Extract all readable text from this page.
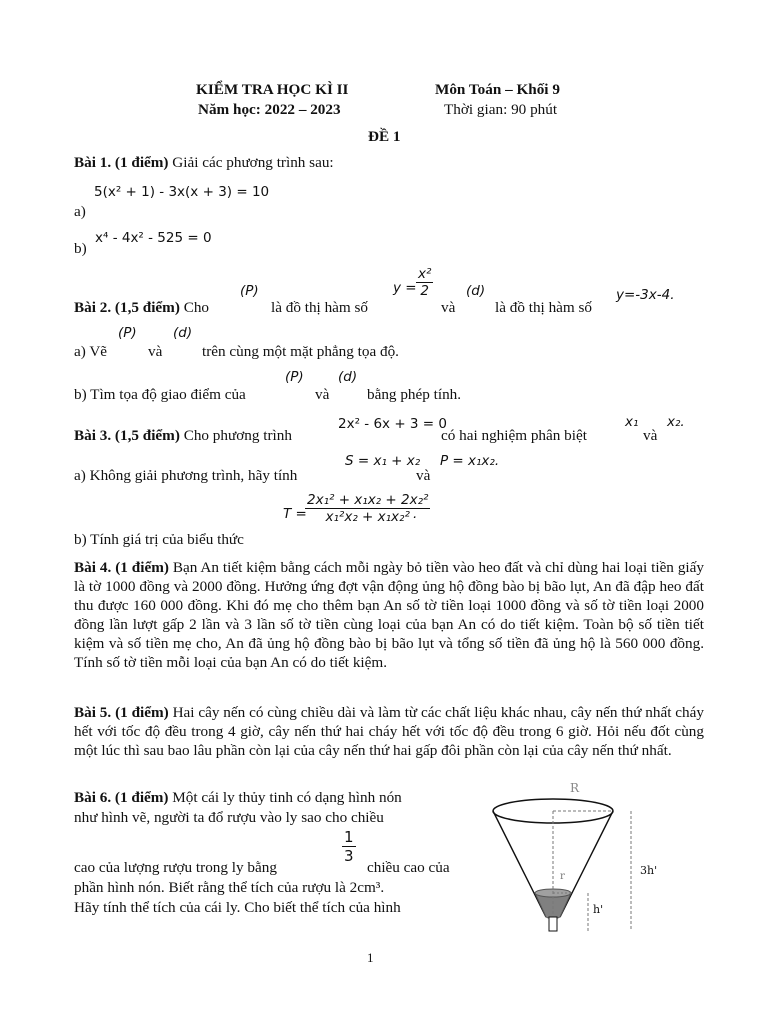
KIỂM TRA HỌC KÌ II	Môn Toán – Khối 9
Năm học: 2022 – 2023	Thời gian: 90 phút
ĐỀ 1
Bài 1. (1 điểm) Giải các phương trình sau:
5(x² + 1) - 3x(x + 3) = 10
a)
x⁴ - 4x² - 525 = 0
b)
Bài 2. (1,5 điểm) Cho
(P)
là đồ thị hàm số
$y = \frac{\text{x²}}{2}$
và
(d)
là đồ thị hàm số
y=-3x-4.
a) Vẽ
(P)
và
(d)
trên cùng một mặt phẳng tọa độ.
b) Tìm tọa độ giao điểm của
(P)
và
(d)
bằng phép tính.
Bài 3. (1,5 điểm) Cho phương trình
2x² - 6x + 3 = 0
có hai nghiệm phân biệt
x₁
và
x₂.
a) Không giải phương trình, hãy tính
S = x₁ + x₂
và
P = x₁x₂.
T =
$\frac{\text{2x₁² + x₁x₂ + 2x₂²}}{\text{x₁²x₂ + x₁x₂²}}$
.
b) Tính giá trị của biểu thức

Bài 4. (1 điểm) Bạn An tiết kiệm bằng cách mỗi ngày bỏ tiền vào heo đất và chỉ dùng hai loại tiền giấy là tờ 1000 đồng và 2000 đồng. Hưởng ứng đợt vận động ủng hộ đồng bào bị bão lụt, An đã đập heo đất thu được 160 000 đồng. Khi đó mẹ cho thêm bạn An số tờ tiền loại 1000 đồng và số tờ tiền loại 2000 đồng lần lượt gấp 2 lần và 3 lần số tờ tiền cùng loại của bạn An có do tiết kiệm. Toàn bộ số tiền tiết kiệm và số tiền mẹ cho, An đã ủng hộ đồng bào bị bão lụt và tổng số tiền đã ủng hộ là 560 000 đồng. Tính số tờ tiền mỗi loại của bạn An có do tiết kiệm.

Bài 5. (1 điểm) Hai cây nến có cùng chiều dài và làm từ các chất liệu khác nhau, cây nến thứ nhất cháy hết với tốc độ đều trong 4 giờ, cây nến thứ hai cháy hết với tốc độ đều trong 6 giờ. Hỏi nếu đốt cùng một lúc thì sau bao lâu phần còn lại của cây nến thứ hai gấp đôi phần còn lại của cây nến thứ nhất.

Bài 6. (1 điểm) Một cái ly thủy tinh có dạng hình nón
như hình vẽ, người ta đổ rượu vào ly sao cho chiều
cao của lượng rượu trong ly bằng
$\frac{1}{3}$
chiều cao của
phần hình nón. Biết rằng thể tích của rượu là 2cm³.
Hãy tính thể tích của cái ly. Cho biết thể tích của hình
R
r	3h'
h'
1
